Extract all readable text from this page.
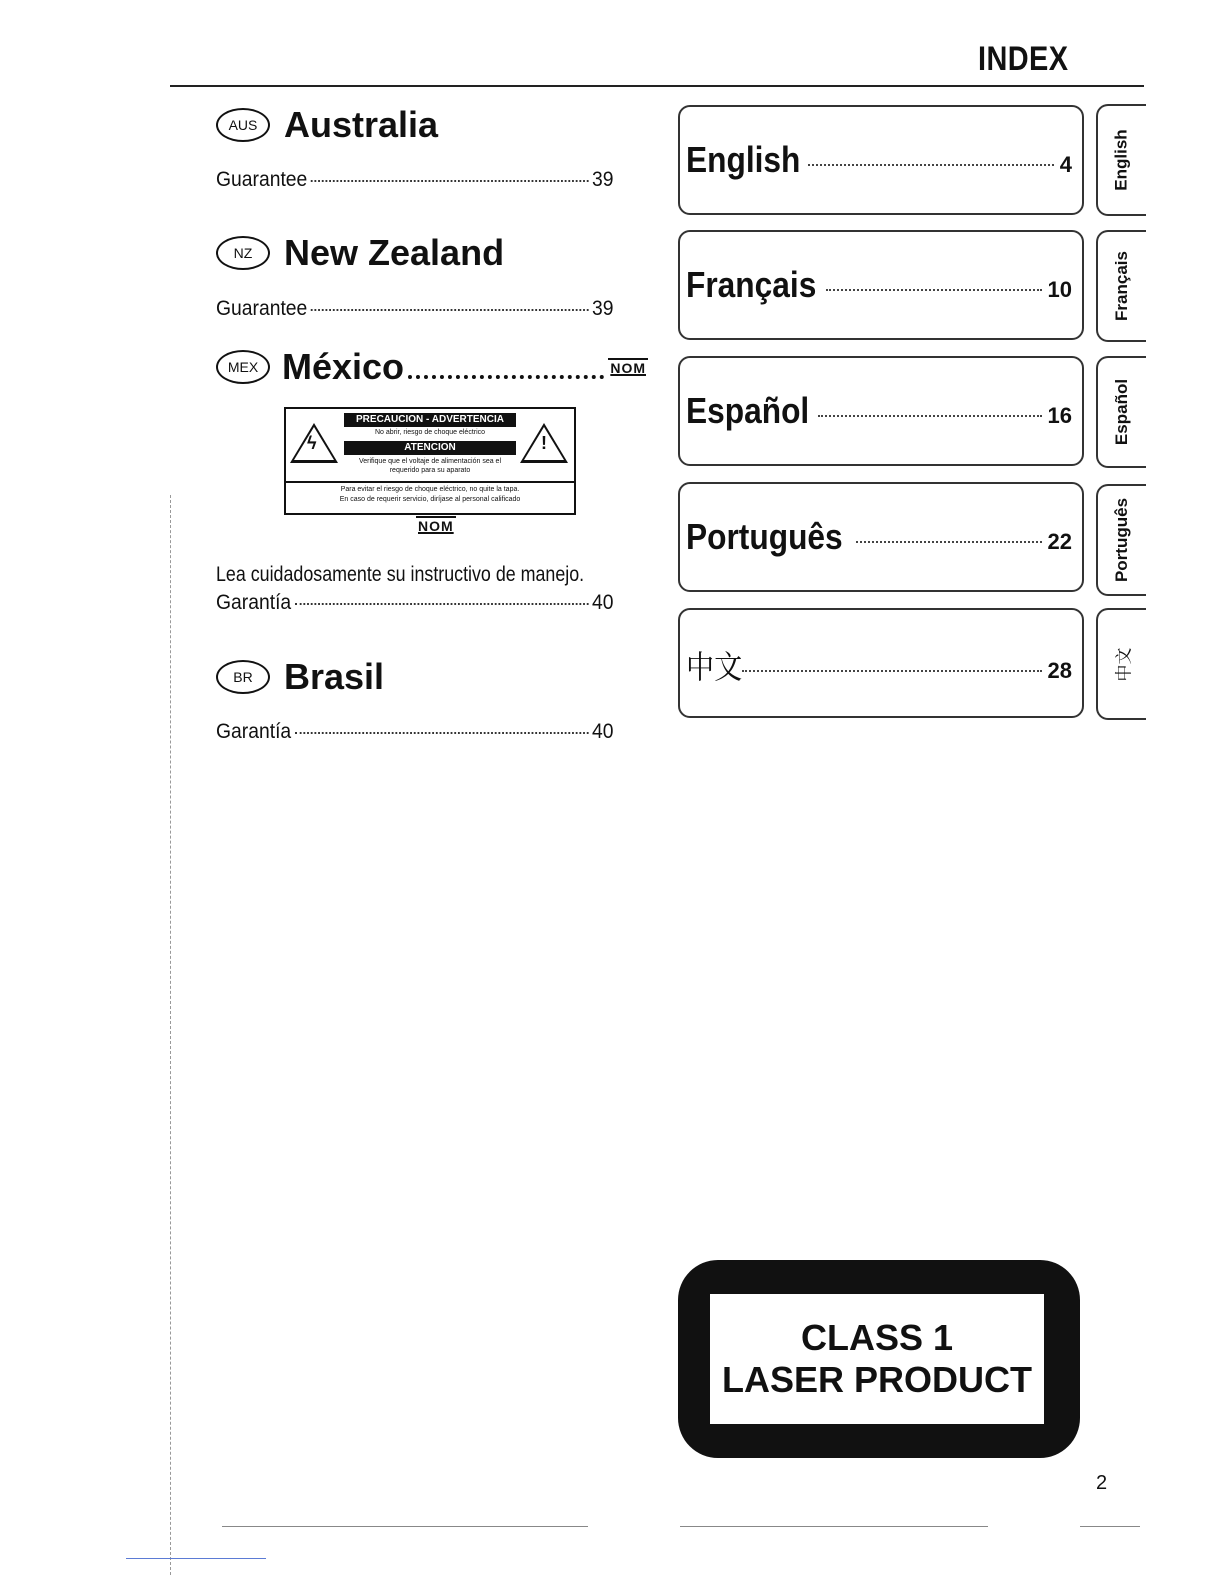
INDEX
AUS Australia
Guarantee	39
NZ New Zealand
Guarantee	39
MEX México	NOM
ϟ
PRECAUCION - ADVERTENCIA
No abrir, riesgo de choque eléctrico
ATENCION
Verifique que el voltaje de alimentación sea el requerido para su aparato
!
Para evitar el riesgo de choque eléctrico, no quite la tapa.
En caso de requerir servicio, diríjase al personal calificado
NOM
Lea cuidadosamente su instructivo de manejo.
Garantía	40
BR Brasil
Garantía	40
English	4
Français	10
Español	16
Português	22
中文	28
English
Français
Español
Português
中文
CLASS 1
LASER PRODUCT
2
